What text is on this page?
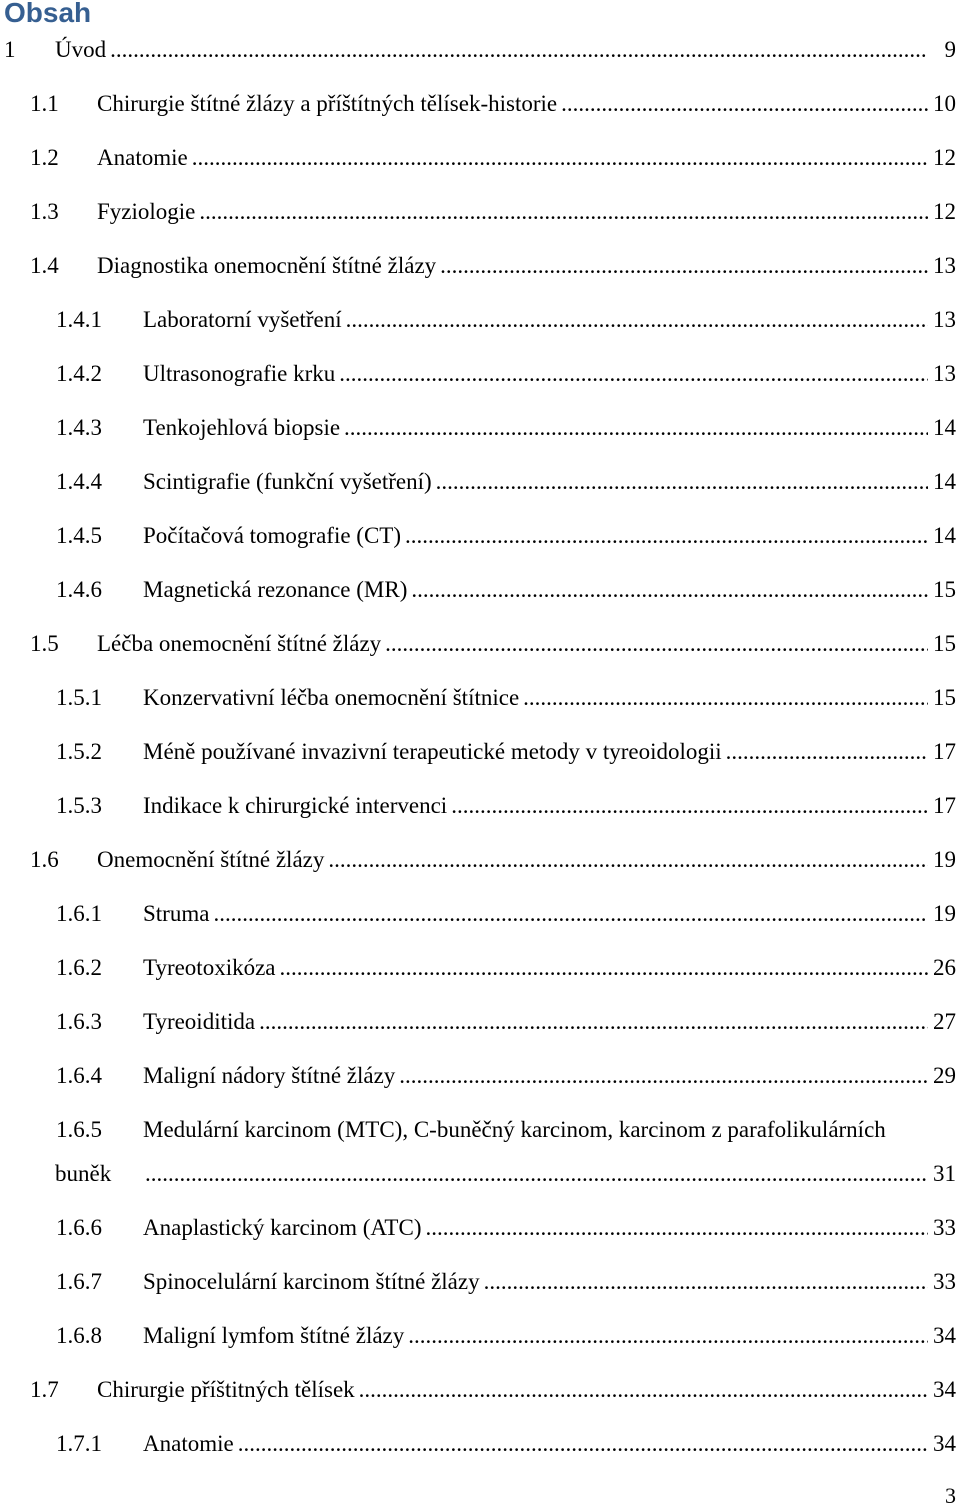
Obsah
1 Úvod .....	9
1.1 Chirurgie štítné žlázy a příštítných tělísek-historie .....	10
1.2 Anatomie .....	12
1.3 Fyziologie .....	12
1.4 Diagnostika onemocnění štítné žlázy .....	13
1.4.1 Laboratorní vyšetření .....	13
1.4.2 Ultrasonografie krku .....	13
1.4.3 Tenkojehlová biopsie .....	14
1.4.4 Scintigrafie (funkční vyšetření) .....	14
1.4.5 Počítačová tomografie (CT) .....	14
1.4.6 Magnetická rezonance (MR) .....	15
1.5 Léčba onemocnění štítné žlázy .....	15
1.5.1 Konzervativní léčba onemocnění štítnice .....	15
1.5.2 Méně používané invazivní terapeutické metody v tyreoidologii .....	17
1.5.3 Indikace k chirurgické intervenci .....	17
1.6 Onemocnění štítné žlázy .....	19
1.6.1 Struma .....	19
1.6.2 Tyreotoxikóza .....	26
1.6.3 Tyreoiditida .....	27
1.6.4 Maligní nádory štítné žlázy .....	29
1.6.5 Medulární karcinom (MTC), C-buněčný karcinom, karcinom z parafolikulárních
buněk .....	31
1.6.6 Anaplastický karcinom (ATC) .....	33
1.6.7 Spinocelulární karcinom štítné žlázy .....	33
1.6.8 Maligní lymfom štítné žlázy .....	34
1.7 Chirurgie příštitných tělísek .....	34
1.7.1 Anatomie .....	34
3
